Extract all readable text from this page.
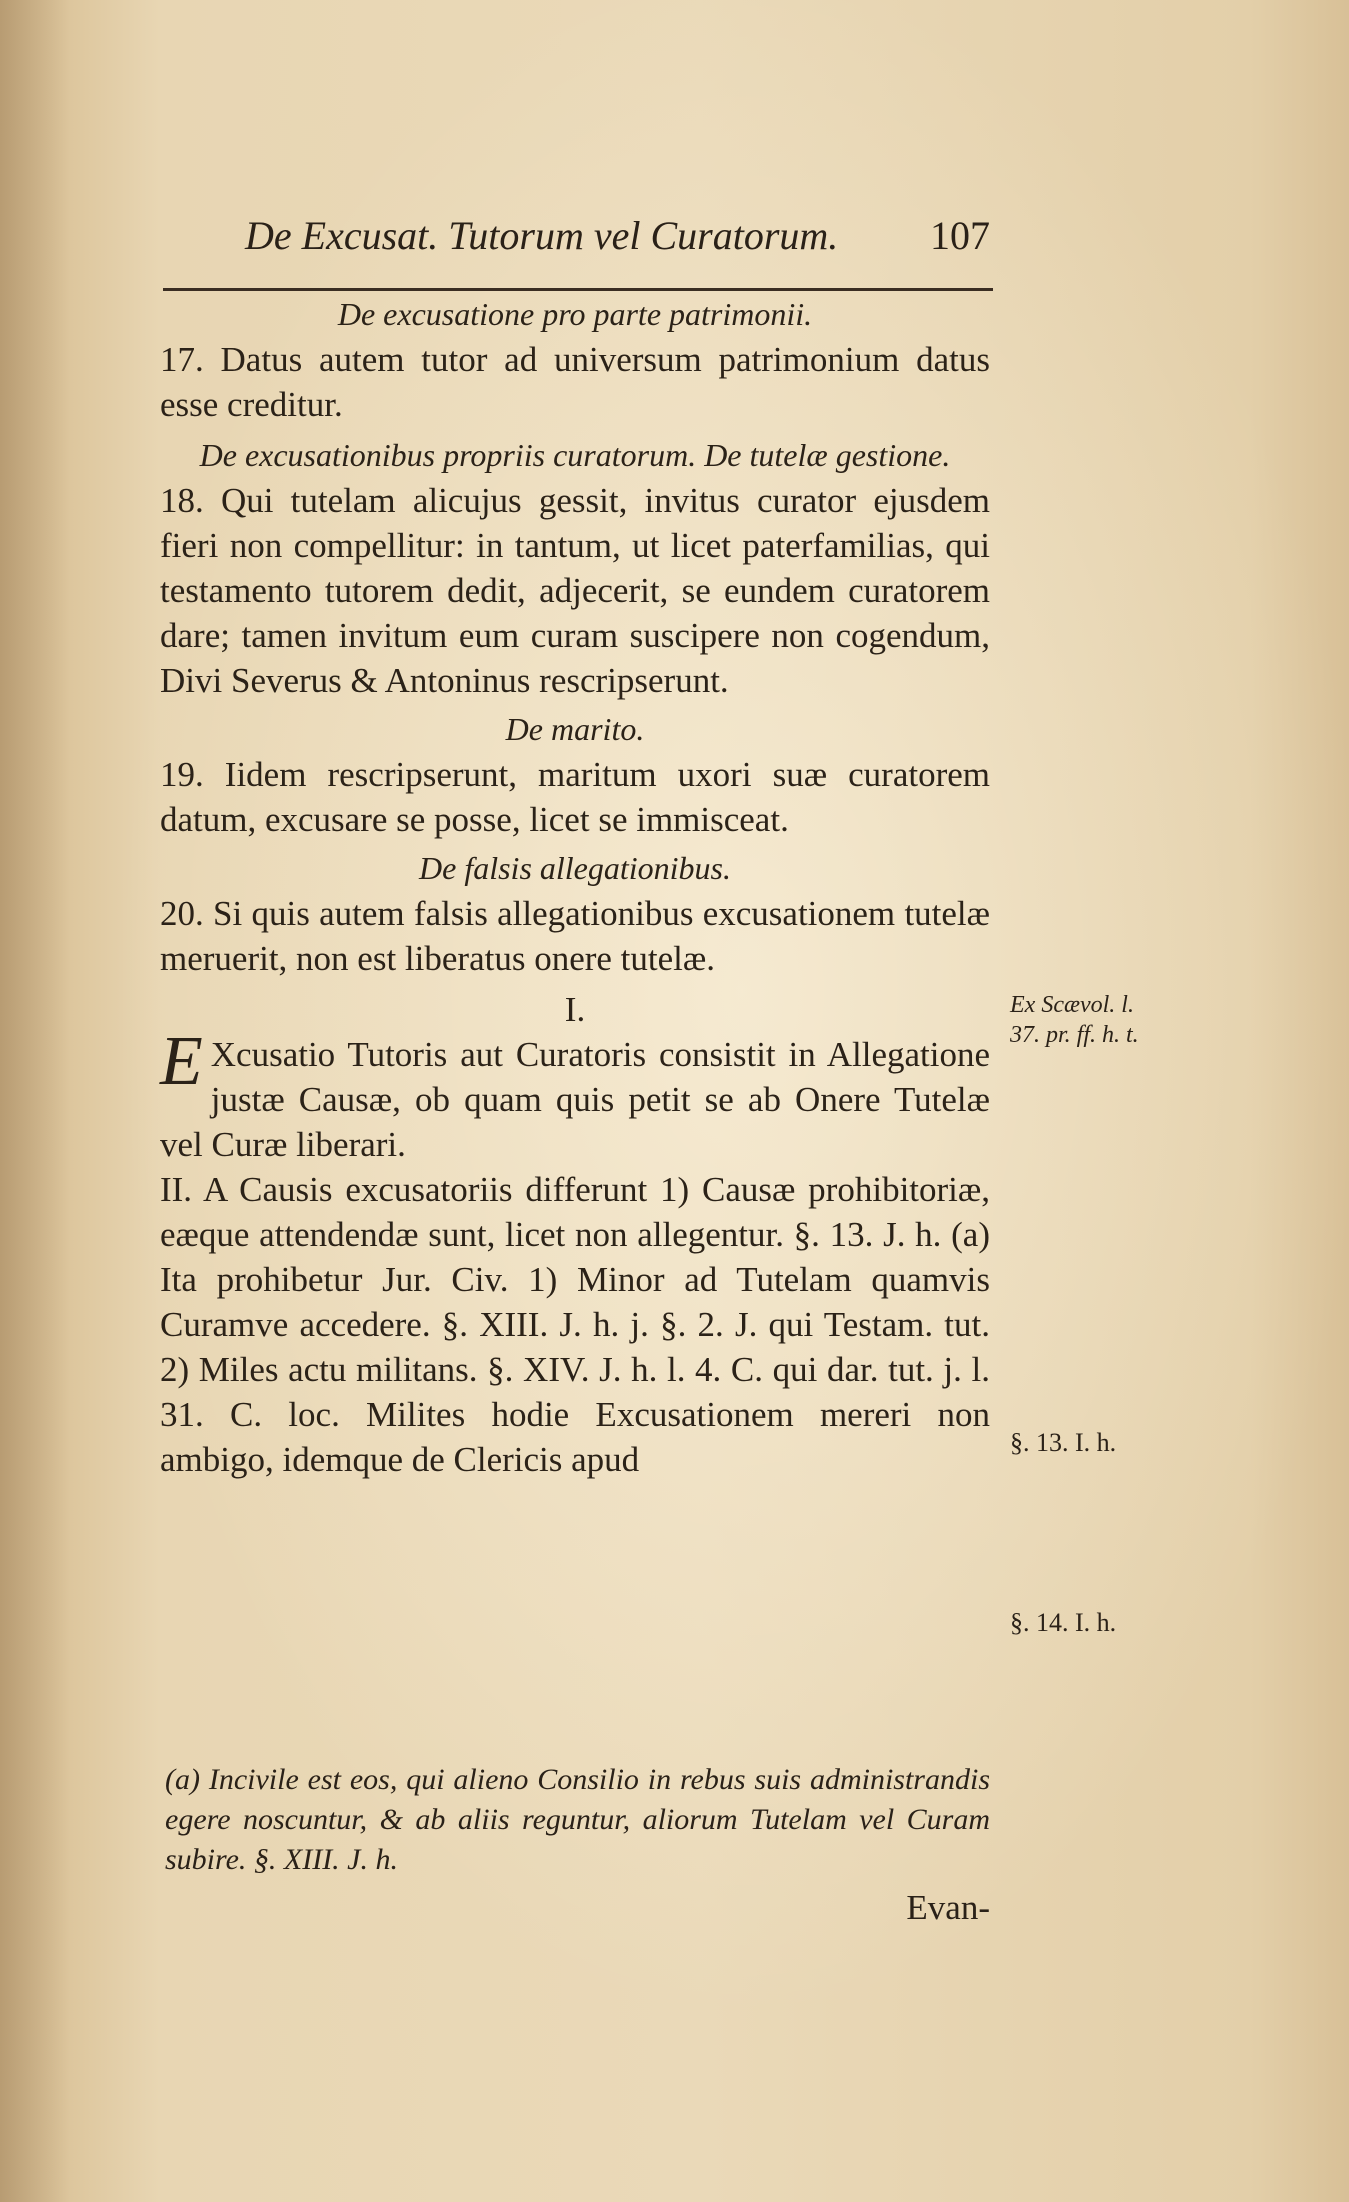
De Excusat. Tutorum vel Curatorum. 107
De excusatione pro parte patrimonii.
17. Datus autem tutor ad universum patrimonium datus esse creditur.
De excusationibus propriis curatorum. De tutelæ gestione.
18. Qui tutelam alicujus gessit, invitus curator ejusdem fieri non compellitur: in tantum, ut licet paterfamilias, qui testamento tutorem dedit, adjecerit, se eundem curatorem dare; tamen invitum eum curam suscipere non cogendum, Divi Severus & Antoninus rescripserunt.
De marito.
19. Iidem rescripserunt, maritum uxori suæ curatorem datum, excusare se posse, licet se immisceat.
De falsis allegationibus.
20. Si quis autem falsis allegationibus excusationem tutelæ meruerit, non est liberatus onere tutelæ.
I.
E Xcusatio Tutoris aut Curatoris consistit in Allegatione justæ Causæ, ob quam quis petit se ab Onere Tutelæ vel Curæ liberari.
II. A Causis excusatoriis differunt 1) Causæ prohibitoriæ, eæque attendendæ sunt, licet non allegentur. §. 13. J. h. (a) Ita prohibetur Jur. Civ. 1) Minor ad Tutelam quamvis Curamve accedere. §. XIII. J. h. j. §. 2. J. qui Testam. tut. 2) Miles actu militans. §. XIV. J. h. l. 4. C. qui dar. tut. j. l. 31. C. loc. Milites hodie Excusationem mereri non ambigo, idemque de Clericis apud
Ex Scævol. l. 37. pr. ff. h. t.
§. 13. I. h.
§. 14. I. h.
(a) Incivile est eos, qui alieno Consilio in rebus suis administrandis egere noscuntur, & ab aliis reguntur, aliorum Tutelam vel Curam subire. §. XIII. J. h.
Evan-
